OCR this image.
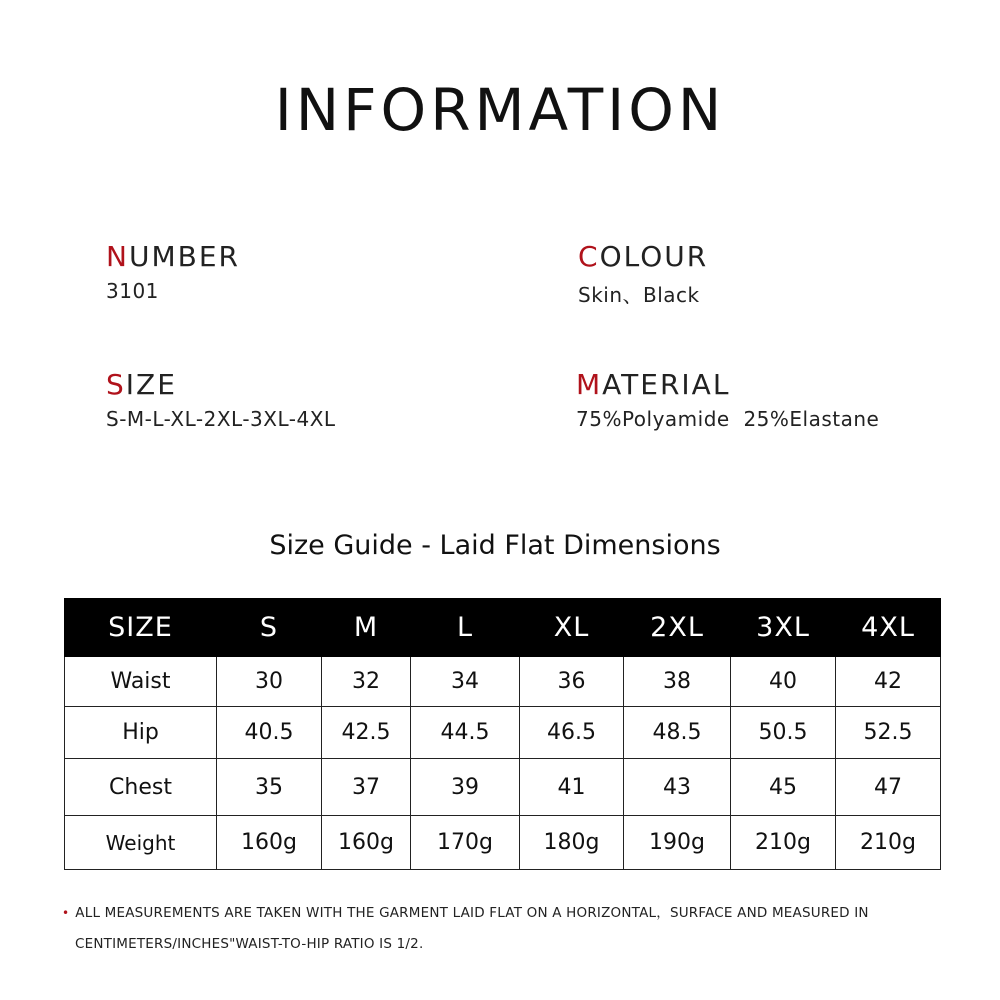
INFORMATION
NUMBER
3101
COLOUR
Skin、Black
SIZE
S-M-L-XL-2XL-3XL-4XL
MATERIAL
75%Polyamide  25%Elastane
Size Guide - Laid Flat Dimensions
SIZE	S	M	L	XL	2XL	3XL	4XL
Waist	30	32	34	36	38	40	42
Hip	40.5	42.5	44.5	46.5	48.5	50.5	52.5
Chest	35	37	39	41	43	45	47
Weight	160g	160g	170g	180g	190g	210g	210g
• ALL MEASUREMENTS ARE TAKEN WITH THE GARMENT LAID FLAT ON A HORIZONTAL，SURFACE AND MEASURED IN
CENTIMETERS/INCHES"WAIST-TO-HIP RATIO IS 1/2.
